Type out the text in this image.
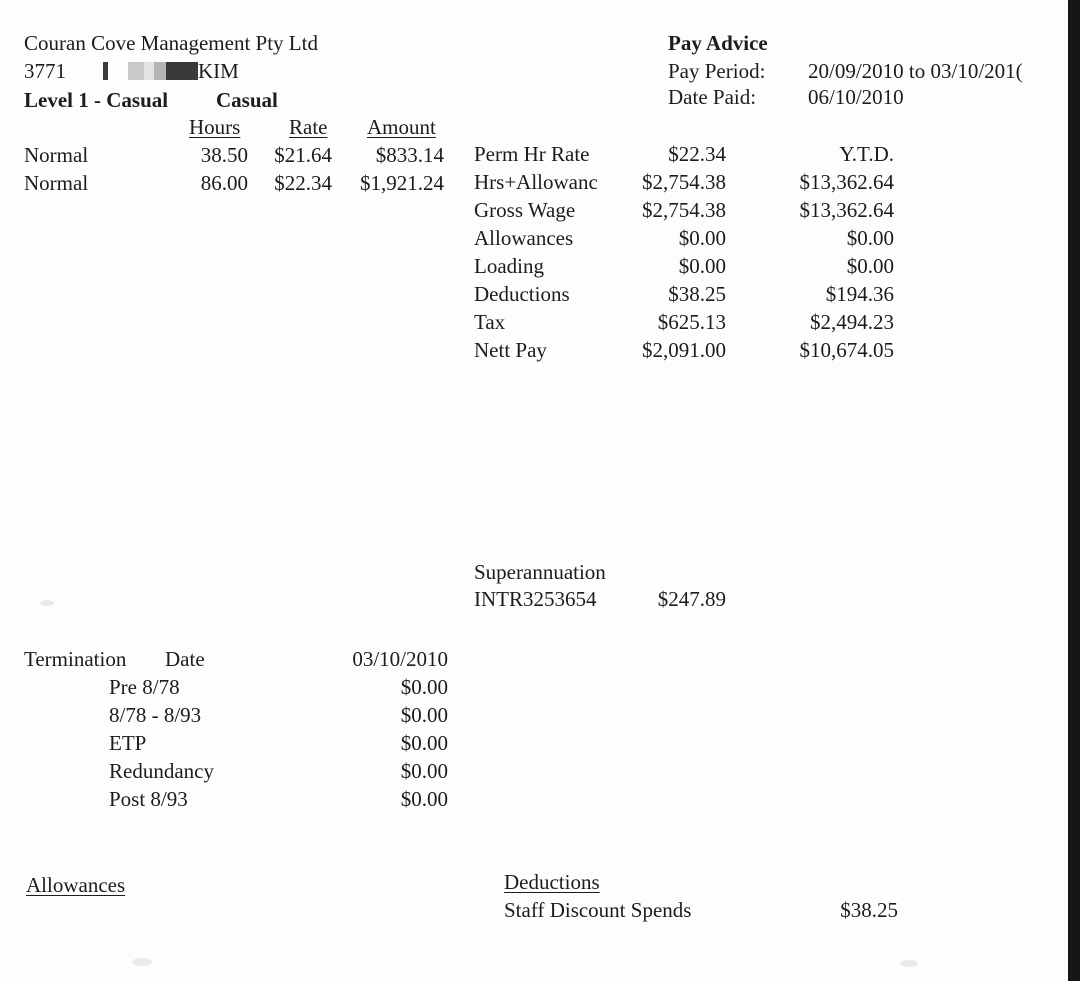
Couran Cove Management Pty Ltd
3771	KIM
Level 1 - Casual Casual
Pay Advice
Pay Period: 20/09/2010 to 03/10/201(
Date Paid: 06/10/2010
Hours Rate Amount
Normal	38.50	$21.64	$833.14
Normal	86.00	$22.34	$1,921.24
Perm Hr Rate	$22.34	Y.T.D.
Hrs+Allowanc	$2,754.38	$13,362.64
Gross Wage	$2,754.38	$13,362.64
Allowances	$0.00	$0.00
Loading	$0.00	$0.00
Deductions	$38.25	$194.36
Tax	$625.13	$2,494.23
Nett Pay	$2,091.00	$10,674.05
Superannuation
INTR3253654	$247.89
Termination Date	03/10/2010
Pre 8/78	$0.00
8/78 - 8/93	$0.00
ETP	$0.00
Redundancy	$0.00
Post 8/93	$0.00
Allowances	Deductions
Staff Discount Spends	$38.25
